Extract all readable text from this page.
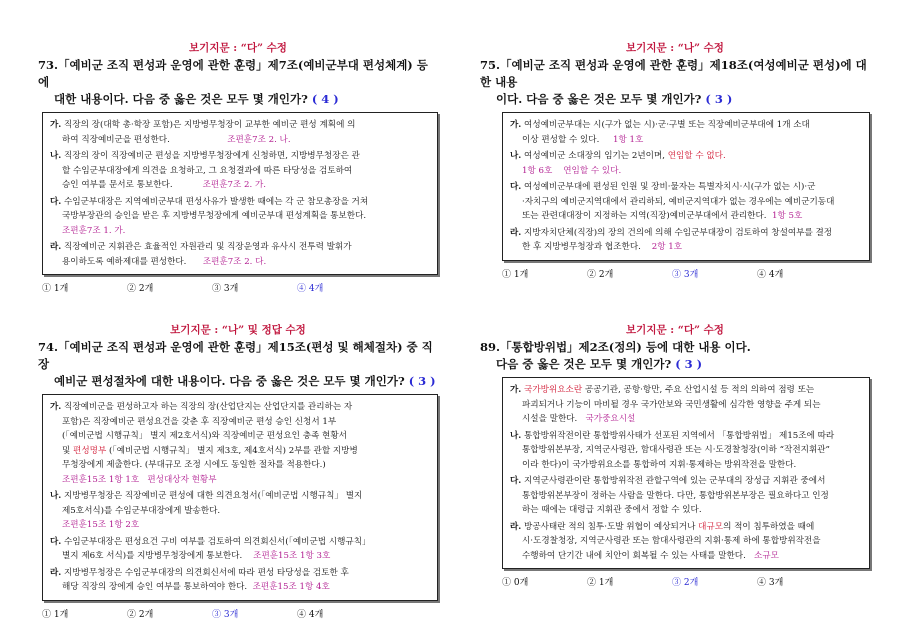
보기지문 : “다” 수정
73.「예비군 조직 편성과 운영에 관한 훈령」제7조(예비군부대 편성체계) 등에
대한 내용이다. 다음 중 옳은 것은 모두 몇 개인가? ( 4 )
가. 직장의 장(대학 총·학장 포함)은 지방병무청장이 교부한 예비군 편성 계획에 의
하여 직장예비군을 편성한다.	조편훈7조 2. 나.
나. 직장의 장이 직장예비군 편성을 지방병무청장에게 신청하면, 지방병무청장은 관
할 수임군부대장에게 의견을 요청하고, 그 요청결과에 따른 타당성을 검토하여
승인 여부를 문서로 통보한다.	조편훈7조 2. 가.
다. 수임군부대장은 지역예비군부대 편성사유가 발생한 때에는 각 군 참모총장을 거쳐
국방부장관의 승인을 받은 후 지방병무청장에게 예비군부대 편성계획을 통보한다.
조편훈7조 1. 가.
라. 직장예비군 지휘관은 효율적인 자원관리 및 직장운영과 유사시 전투력 발휘가
용이하도록 예하제대를 편성한다. 조편훈7조 2. 다.
① 1개	② 2개	③ 3개	④ 4개
보기지문 : “나” 수정
75.「예비군 조직 편성과 운영에 관한 훈령」제18조(여성예비군 편성)에 대한 내용
이다. 다음 중 옳은 것은 모두 몇 개인가? ( 3 )
가. 여성예비군부대는 시(구가 없는 시)·군·구별 또는 직장예비군부대에 1개 소대
이상 편성할 수 있다. 1항 1호
나. 여성예비군 소대장의 임기는 2년이며, 연임할 수 없다.
1항 6호 연임할 수 있다.
다. 여성예비군부대에 편성된 인원 및 장비·물자는 특별자치시·시(구가 없는 시)·군
·자치구의 예비군지역대에서 관리하되, 예비군지역대가 없는 경우에는 예비군기동대
또는 관련대대장이 지정하는 지역(직장)예비군부대에서 관리한다. 1항 5호
라. 지방자치단체(직장)의 장의 건의에 의해 수임군부대장이 검토하여 창설여부를 결정
한 후 지방병무청장과 협조한다. 2항 1호
① 1개	② 2개	③ 3개	④ 4개
보기지문 : “나” 및 정답 수정
74.「예비군 조직 편성과 운영에 관한 훈령」제15조(편성 및 해체절차) 중 직장
예비군 편성절차에 대한 내용이다. 다음 중 옳은 것은 모두 몇 개인가? ( 3 )
가. 직장예비군을 편성하고자 하는 직장의 장(산업단지는 산업단지를 관리하는 자
포함)은 직장예비군 편성요건을 갖춘 후 직장예비군 편성 승인 신청서 1부
(「예비군법 시행규칙」 별지 제2호서식)와 직장예비군 편성요인 충족 현황서
및 편성명부 (「예비군법 시행규칙」 별지 제3호, 제4호서식) 2부를 관할 지방병
무청장에게 제출한다. (부대규모 조정 시에도 동일한 절차를 적용한다.)
조편훈15조 1항 1호 편성대상자 현황부
나. 지방병무청장은 직장예비군 편성에 대한 의견요청서(「예비군법 시행규칙」 별지
제5호서식)를 수임군부대장에게 발송한다.
조편훈15조 1항 2호
다. 수임군부대장은 편성요건 구비 여부를 검토하여 의견회신서(「예비군법 시행규칙」
별지 제6호 서식)를 지방병무청장에게 통보한다. 조편훈15조 1항 3호
라. 지방병무청장은 수임군부대장의 의견회신서에 따라 편성 타당성을 검토한 후
해당 직장의 장에게 승인 여부를 통보하여야 한다. 조편훈15조 1항 4호
① 1개	② 2개	③ 3개	④ 4개
보기지문 : “다” 수정
89.「통합방위법」제2조(정의) 등에 대한 내용 이다.
다음 중 옳은 것은 모두 몇 개인가? ( 3 )
가. 국가방위요소란 공공기관, 공항·항만, 주요 산업시설 등 적의 의하여 점령 또는
파괴되거나 기능이 마비될 경우 국가안보와 국민생활에 심각한 영향을 주게 되는
시설을 말한다. 국가중요시설
나. 통합방위작전이란 통합방위사태가 선포된 지역에서 「통합방위법」 제15조에 따라
통합방위본부장, 지역군사령관, 함대사령관 또는 시·도경찰청장(이하 “작전지휘관”
이라 한다)이 국가방위요소를 통합하여 지휘·통제하는 방위작전을 말한다.
다. 지역군사령관이란 통합방위작전 관할구역에 있는 군부대의 장성급 지휘관 중에서
통합방위본부장이 정하는 사람을 말한다. 다만, 통합방위본부장은 필요하다고 인정
하는 때에는 대령급 지휘관 중에서 정할 수 있다.
라. 방공사태란 적의 침투·도발 위협이 예상되거나 대규모의 적이 침투하였을 때에
시·도경찰청장, 지역군사령관 또는 함대사령관의 지휘·통제 하에 통합방위작전을
수행하여 단기간 내에 치안이 회복될 수 있는 사태를 말한다. 소규모
① 0개	② 1개	③ 2개	④ 3개
